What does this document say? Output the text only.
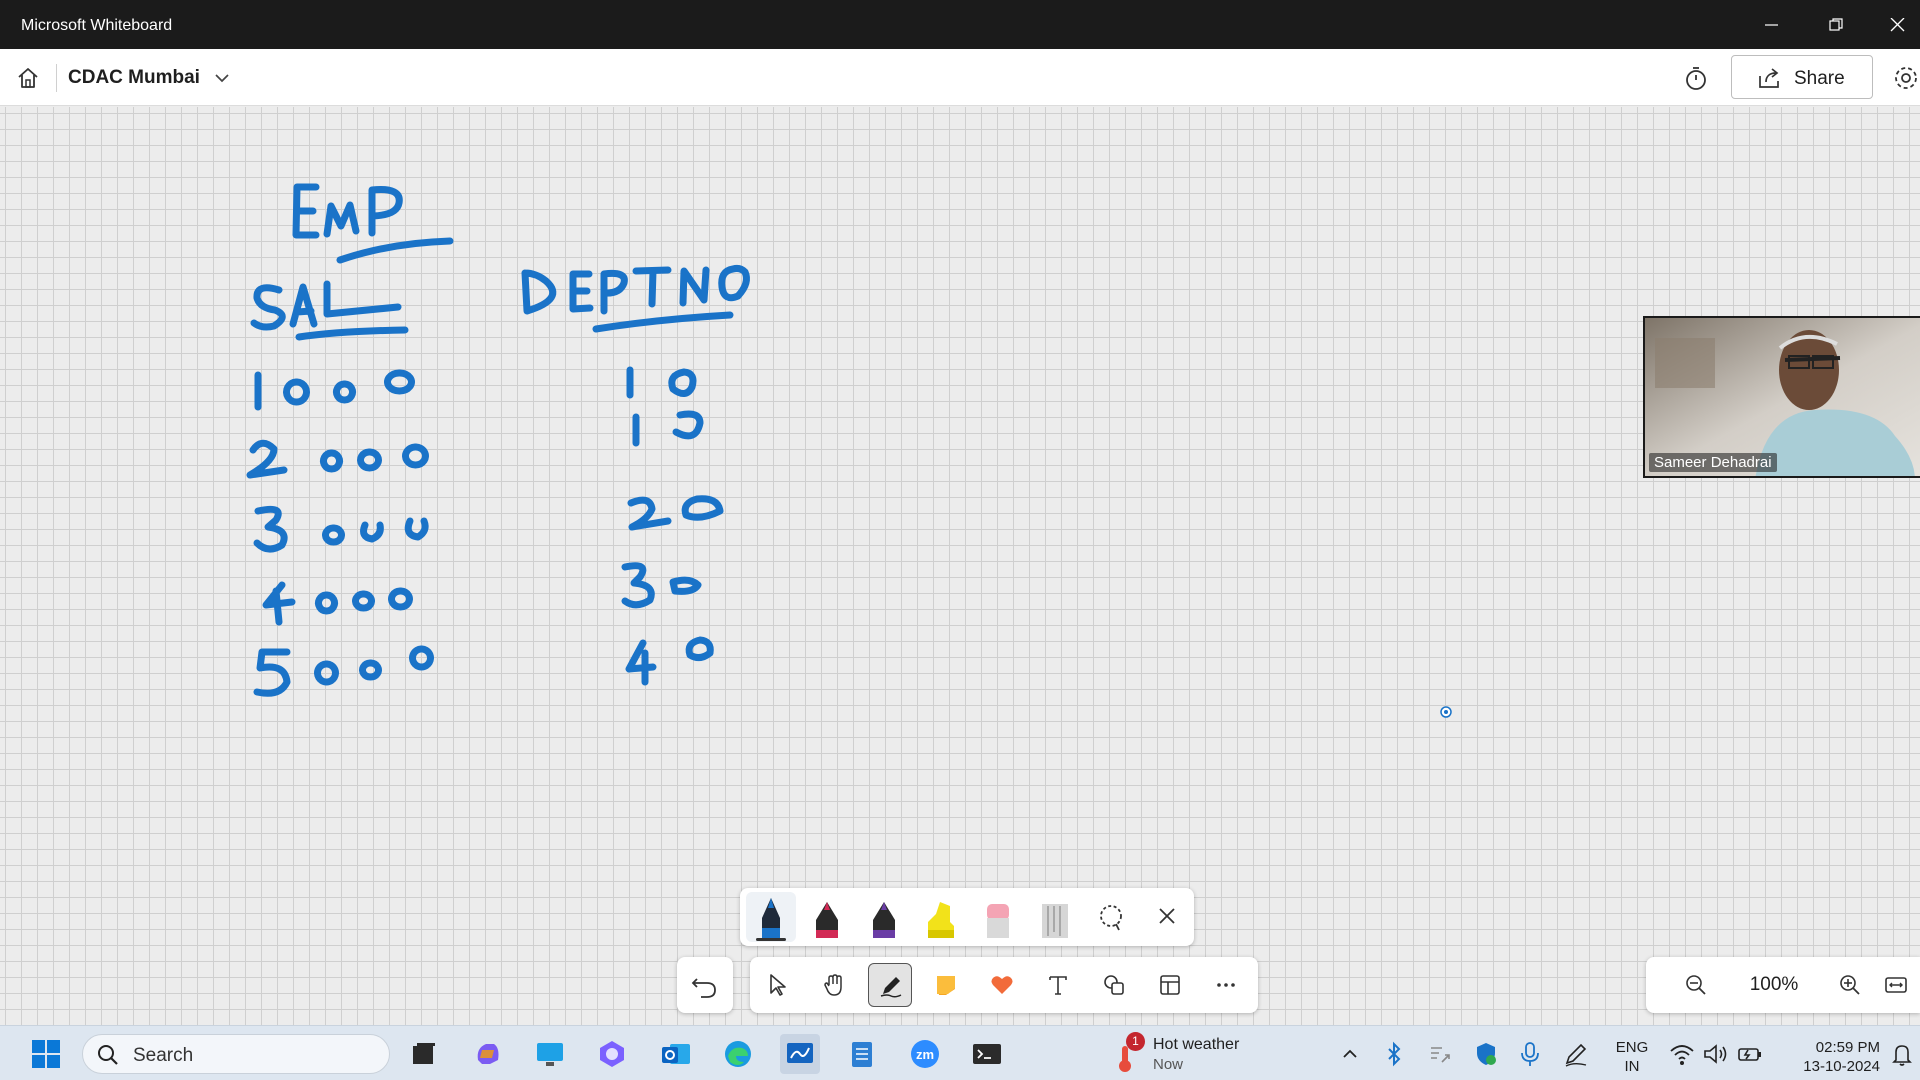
Microsoft Whiteboard
CDAC Mumbai	Share
Sameer Dehadrai
100%
Search	zm
1 Hot weather
Now
ENG
IN
02:59 PM
13-10-2024
